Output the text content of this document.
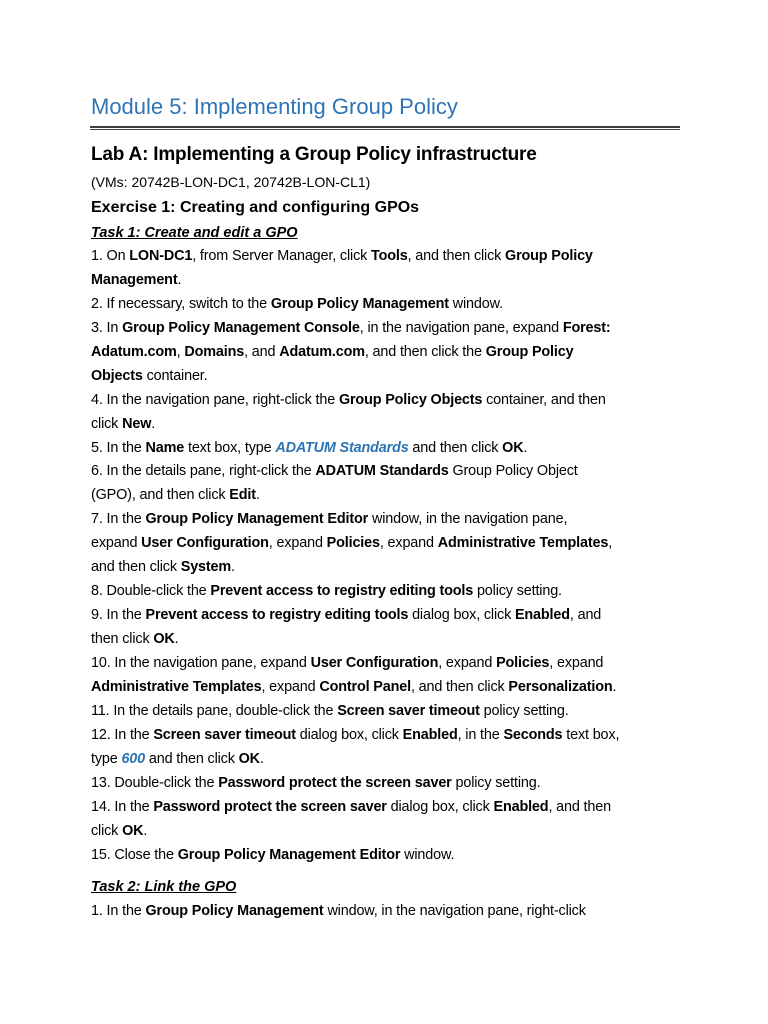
Module 5: Implementing Group Policy
Lab A: Implementing a Group Policy infrastructure
(VMs: 20742B-LON-DC1, 20742B-LON-CL1)
Exercise 1: Creating and configuring GPOs
Task 1: Create and edit a GPO
1. On LON-DC1, from Server Manager, click Tools, and then click Group Policy
Management.
2. If necessary, switch to the Group Policy Management window.
3. In Group Policy Management Console, in the navigation pane, expand Forest:
Adatum.com, Domains, and Adatum.com, and then click the Group Policy
Objects container.
4. In the navigation pane, right-click the Group Policy Objects container, and then
click New.
5. In the Name text box, type ADATUM Standards and then click OK.
6. In the details pane, right-click the ADATUM Standards Group Policy Object
(GPO), and then click Edit.
7. In the Group Policy Management Editor window, in the navigation pane,
expand User Configuration, expand Policies, expand Administrative Templates,
and then click System.
8. Double-click the Prevent access to registry editing tools policy setting.
9. In the Prevent access to registry editing tools dialog box, click Enabled, and
then click OK.
10. In the navigation pane, expand User Configuration, expand Policies, expand
Administrative Templates, expand Control Panel, and then click Personalization.
11. In the details pane, double-click the Screen saver timeout policy setting.
12. In the Screen saver timeout dialog box, click Enabled, in the Seconds text box,
type 600 and then click OK.
13. Double-click the Password protect the screen saver policy setting.
14. In the Password protect the screen saver dialog box, click Enabled, and then
click OK.
15. Close the Group Policy Management Editor window.
Task 2: Link the GPO
1. In the Group Policy Management window, in the navigation pane, right-click
